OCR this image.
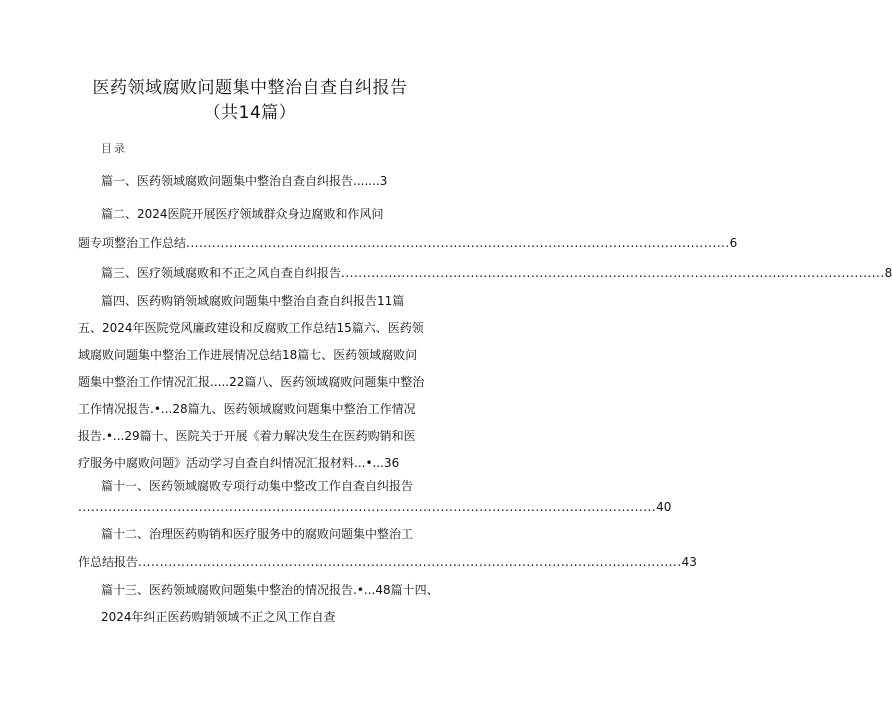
医药领域腐败问题集中整治自查自纠报告
（共14篇）
目录
篇一、医药领域腐败问题集中整治自查自纠报告.......3
篇二、2024医院开展医疗领域群众身边腐败和作风问
题专项整治工作总结 .............................................................................................................................. 6
篇三、医疗领域腐败和不正之风自查自纠报告 .............................................................................................................................. 8
篇四、医药购销领域腐败问题集中整治自查自纠报告11篇
五、2024年医院党风廉政建设和反腐败工作总结15篇六、医药领
域腐败问题集中整治工作进展情况总结18篇七、医药领域腐败问
题集中整治工作情况汇报.....22篇八、医药领域腐败问题集中整治
工作情况报告.•...28篇九、医药领域腐败问题集中整治工作情况
报告.•...29篇十、医院关于开展《着力解决发生在医药购销和医
疗服务中腐败问题》活动学习自查自纠情况汇报材料...•...36
篇十一、医药领域腐败专项行动集中整改工作自查自纠报告
...................................................................................................................................... 40
篇十二、治理医药购销和医疗服务中的腐败问题集中整治工
作总结报告 .............................................................................................................................. 43
篇十三、医药领域腐败问题集中整治的情况报告.•...48篇十四、
2024年纠正医药购销领域不正之风工作自查
